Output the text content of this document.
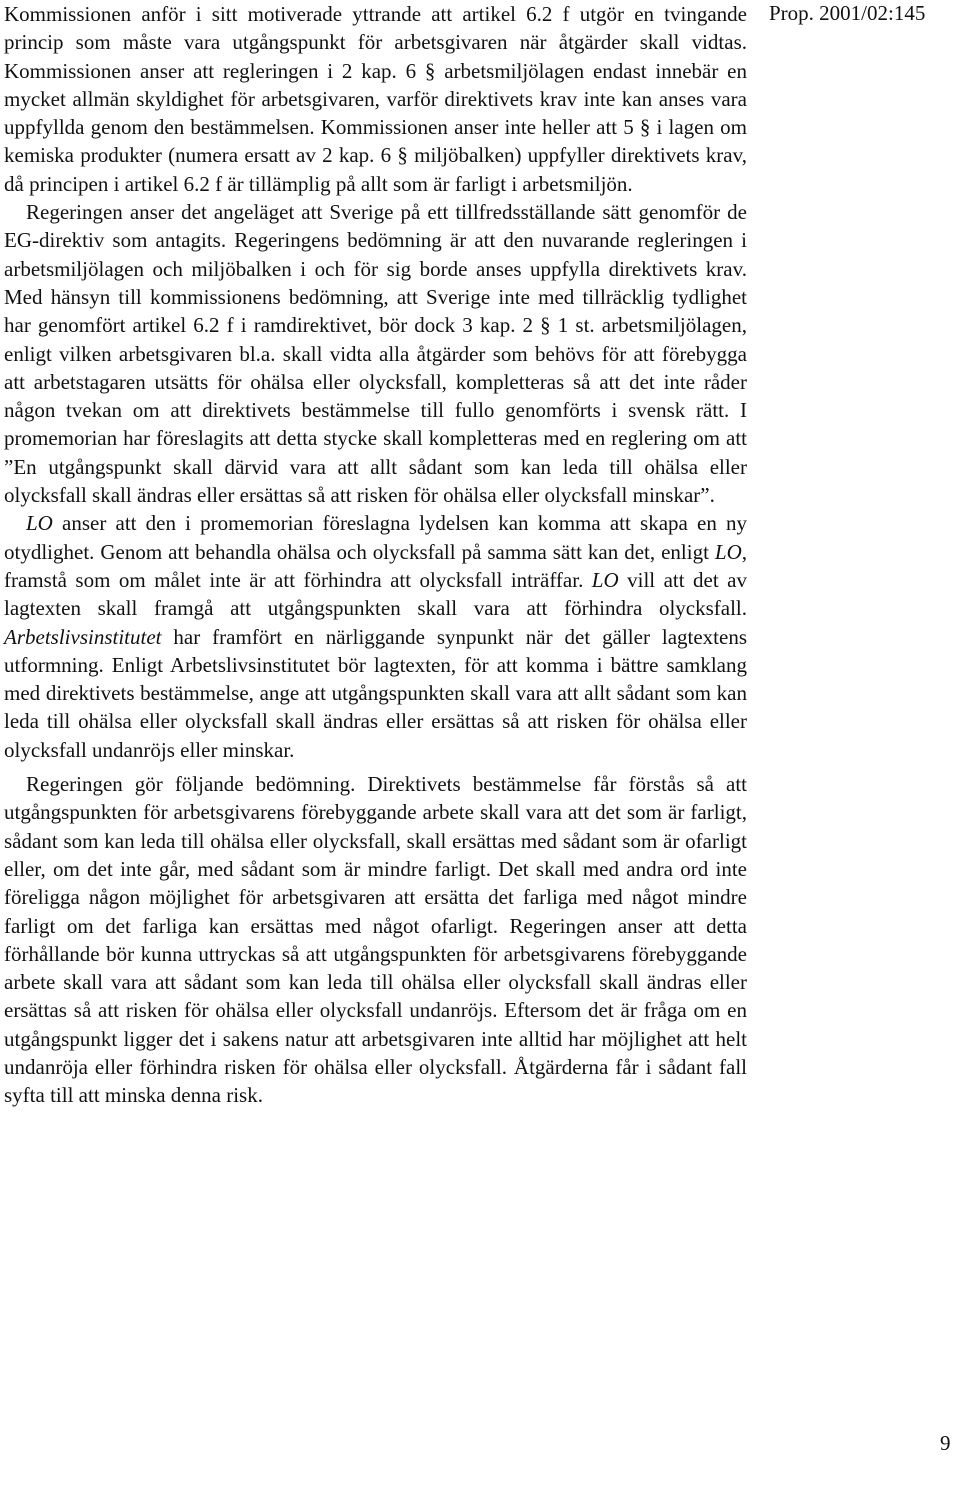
Prop. 2001/02:145

Kommissionen anför i sitt motiverade yttrande att artikel 6.2 f utgör en tvingande princip som måste vara utgångspunkt för arbetsgivaren när åtgärder skall vidtas. Kommissionen anser att regleringen i 2 kap. 6 § arbetsmiljölagen endast innebär en mycket allmän skyldighet för arbetsgivaren, varför direktivets krav inte kan anses vara uppfyllda genom den bestämmelsen. Kommissionen anser inte heller att 5 § i lagen om kemiska produkter (numera ersatt av 2 kap. 6 § miljöbalken) uppfyller direktivets krav, då principen i artikel 6.2 f är tillämplig på allt som är farligt i arbetsmiljön.

Regeringen anser det angeläget att Sverige på ett tillfredsställande sätt genomför de EG-direktiv som antagits. Regeringens bedömning är att den nuvarande regleringen i arbetsmiljölagen och miljöbalken i och för sig borde anses uppfylla direktivets krav. Med hänsyn till kommissionens bedömning, att Sverige inte med tillräcklig tydlighet har genomfört artikel 6.2 f i ramdirektivet, bör dock 3 kap. 2 § 1 st. arbetsmiljölagen, enligt vilken arbetsgivaren bl.a. skall vidta alla åtgärder som behövs för att förebygga att arbetstagaren utsätts för ohälsa eller olycksfall, kompletteras så att det inte råder någon tvekan om att direktivets bestämmelse till fullo genomförts i svensk rätt. I promemorian har föreslagits att detta stycke skall kompletteras med en reglering om att ”En utgångspunkt skall därvid vara att allt sådant som kan leda till ohälsa eller olycksfall skall ändras eller ersättas så att risken för ohälsa eller olycksfall minskar”.

LO anser att den i promemorian föreslagna lydelsen kan komma att skapa en ny otydlighet. Genom att behandla ohälsa och olycksfall på samma sätt kan det, enligt LO, framstå som om målet inte är att förhindra att olycksfall inträffar. LO vill att det av lagtexten skall framgå att utgångspunkten skall vara att förhindra olycksfall. Arbetslivsinstitutet har framfört en närliggande synpunkt när det gäller lagtextens utformning. Enligt Arbetslivsinstitutet bör lagtexten, för att komma i bättre samklang med direktivets bestämmelse, ange att utgångspunkten skall vara att allt sådant som kan leda till ohälsa eller olycksfall skall ändras eller ersättas så att risken för ohälsa eller olycksfall undanröjs eller minskar.

Regeringen gör följande bedömning. Direktivets bestämmelse får förstås så att utgångspunkten för arbetsgivarens förebyggande arbete skall vara att det som är farligt, sådant som kan leda till ohälsa eller olycksfall, skall ersättas med sådant som är ofarligt eller, om det inte går, med sådant som är mindre farligt. Det skall med andra ord inte föreligga någon möjlighet för arbetsgivaren att ersätta det farliga med något mindre farligt om det farliga kan ersättas med något ofarligt. Regeringen anser att detta förhållande bör kunna uttryckas så att utgångspunkten för arbetsgivarens förebyggande arbete skall vara att sådant som kan leda till ohälsa eller olycksfall skall ändras eller ersättas så att risken för ohälsa eller olycksfall undanröjs. Eftersom det är fråga om en utgångspunkt ligger det i sakens natur att arbetsgivaren inte alltid har möjlighet att helt undanröja eller förhindra risken för ohälsa eller olycksfall. Åtgärderna får i sådant fall syfta till att minska denna risk.

9
